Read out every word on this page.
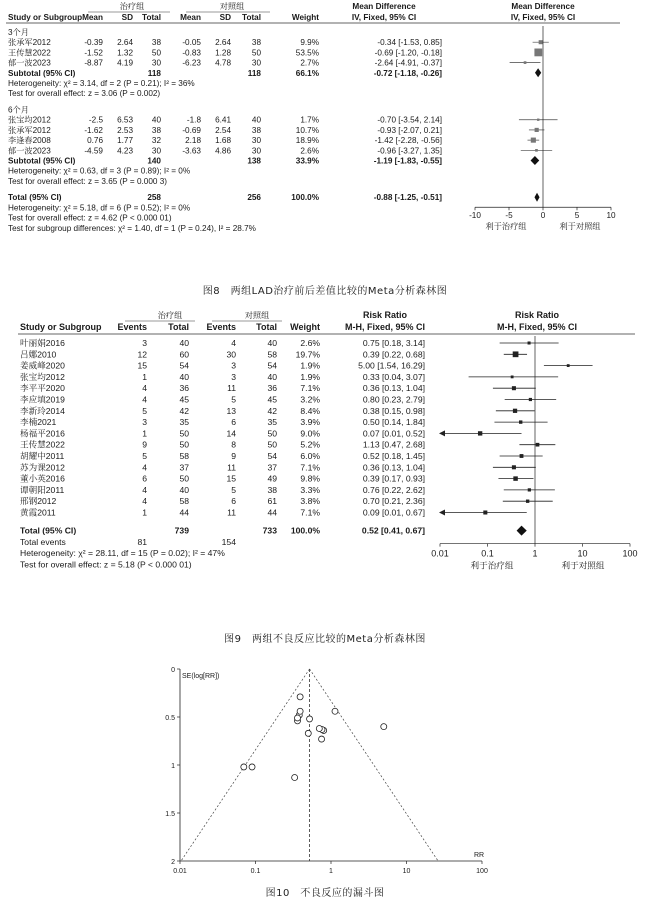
治疗组	对照组	Mean Difference
IV, Fixed, 95% CI
Mean Difference
IV, Fixed, 95% CI
Study or Subgroup Mean SD Total Mean SD Total	Weight
3个月
张承军2012	-0.39 2.64 38	-0.05 2.64	38	9.9%	-0.34 [-1.53, 0.85]
王传慧2022	-1.52 1.32 50	-0.83 1.28	50	53.5%	-0.69 [-1.20, -0.18]
郁一波2023	-8.87 4.19 30	-6.23 4.78	30	2.7%	-2.64 [-4.91, -0.37]
Subtotal (95% CI)	118	118	66.1%	-0.72 [-1.18, -0.26]
Heterogeneity: χ² = 3.14, df = 2 (P = 0.21); I² = 36%
Test for overall effect: z = 3.06 (P = 0.002)
6个月
张宝均2012	-2.5 6.53 40	-1.8 6.41	40	1.7%	-0.70 [-3.54, 2.14]
张承军2012	-1.62 2.53 38	-0.69 2.54	38	10.7%	-0.93 [-2.07, 0.21]
李逢春2008	0.76 1.77 32	2.18 1.68	30	18.9%	-1.42 [-2.28, -0.56]
郁一波2023	-4.59 4.23 30	-3.63 4.86	30	2.6%	-0.96 [-3.27, 1.35]
Subtotal (95% CI)	140	138	33.9%	-1.19 [-1.83, -0.55]
Heterogeneity: χ² = 0.63, df = 3 (P = 0.89); I² = 0%
Test for overall effect: z = 3.65 (P = 0.000 3)
Total (95% CI)	258	256	100.0%	-0.88 [-1.25, -0.51]
Heterogeneity: χ² = 5.18, df = 6 (P = 0.52); I² = 0%
Test for overall effect: z = 4.62 (P < 0.000 01)
Test for subgroup differences: χ² = 1.40, df = 1 (P = 0.24), I² = 28.7%
-10	-5	0	5	10
利于治疗组	利于对照组
图8　两组LAD治疗前后差值比较的Meta分析森林图
治疗组	对照组	Risk Ratio
M-H, Fixed, 95% CI
Risk Ratio
M-H, Fixed, 95% CI
Study or Subgroup Events Total Events Total Weight
叶丽娟2016	3	40	4	40	2.6%	0.75 [0.18, 3.14]
吕娜2010	12	60	30	58 19.7%	0.39 [0.22, 0.68]
姜威峰2020	15	54	3	54	1.9%	5.00 [1.54, 16.29]
张宝均2012	1	40	3	40	1.9%	0.33 [0.04, 3.07]
李平平2020	4	36	11	36	7.1%	0.36 [0.13, 1.04]
李应填2019	4	45	5	45	3.2%	0.80 [0.23, 2.79]
李新玲2014	5	42	13	42	8.4%	0.38 [0.15, 0.98]
李楠2021	3	35	6	35	3.9%	0.50 [0.14, 1.84]
杨福平2016	1	50	14	50	9.0%	0.07 [0.01, 0.52]
王传慧2022	9	50	8	50	5.2%	1.13 [0.47, 2.68]
胡耀中2011	5	58	9	54	6.0%	0.52 [0.18, 1.45]
苏为课2012	4	37	11	37	7.1%	0.36 [0.13, 1.04]
董小英2016	6	50	15	49	9.8%	0.39 [0.17, 0.93]
谭朝阳2011	4	40	5	38	3.3%	0.76 [0.22, 2.62]
邢钢2012	4	58	6	61	3.8%	0.70 [0.21, 2.36]
黄霞2011	1	44	11	44	7.1%	0.09 [0.01, 0.67]
Total (95% CI)	739	733 100.0%	0.52 [0.41, 0.67]
Total events	81	154
Heterogeneity: χ² = 28.11, df = 15 (P = 0.02); I² = 47%
Test for overall effect: z = 5.18 (P < 0.000 01)
0.01	0.1	1	10	100
利于治疗组	利于对照组
图9　两组不良反应比较的Meta分析森林图
SE(log[RR])
RR
0
0.5
1
1.5
2
0.01	0.1	1	10	100
图10　不良反应的漏斗图
